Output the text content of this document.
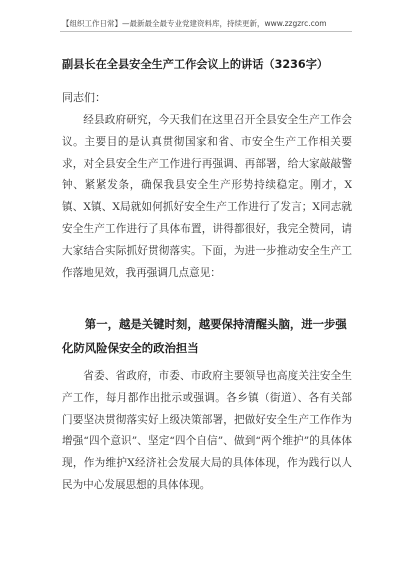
【组织工作日常】—最新最全最专业党建资料库，持续更新，www.zzgzrc.com
副县长在全县安全生产工作会议上的讲话（3236字）
同志们：

经县政府研究，今天我们在这里召开全县安全生产工作会议。主要目的是认真贯彻国家和省、市安全生产工作相关要求，对全县安全生产工作进行再强调、再部署，给大家敲敲警钟、紧紧发条，确保我县安全生产形势持续稳定。刚才，X镇、X镇、X局就如何抓好安全生产工作进行了发言；X同志就安全生产工作进行了具体布置，讲得都很好，我完全赞同，请大家结合实际抓好贯彻落实。下面，为进一步推动安全生产工作落地见效，我再强调几点意见：

第一，越是关键时刻，越要保持清醒头脑，进一步强化防风险保安全的政治担当

省委、省政府，市委、市政府主要领导也高度关注安全生产工作，每月都作出批示或强调。各乡镇（街道）、各有关部门要坚决贯彻落实好上级决策部署，把做好安全生产工作作为增强“四个意识”、坚定“四个自信”、做到“两个维护”的具体体现，作为维护X经济社会发展大局的具体体现，作为践行以人民为中心发展思想的具体体现。
